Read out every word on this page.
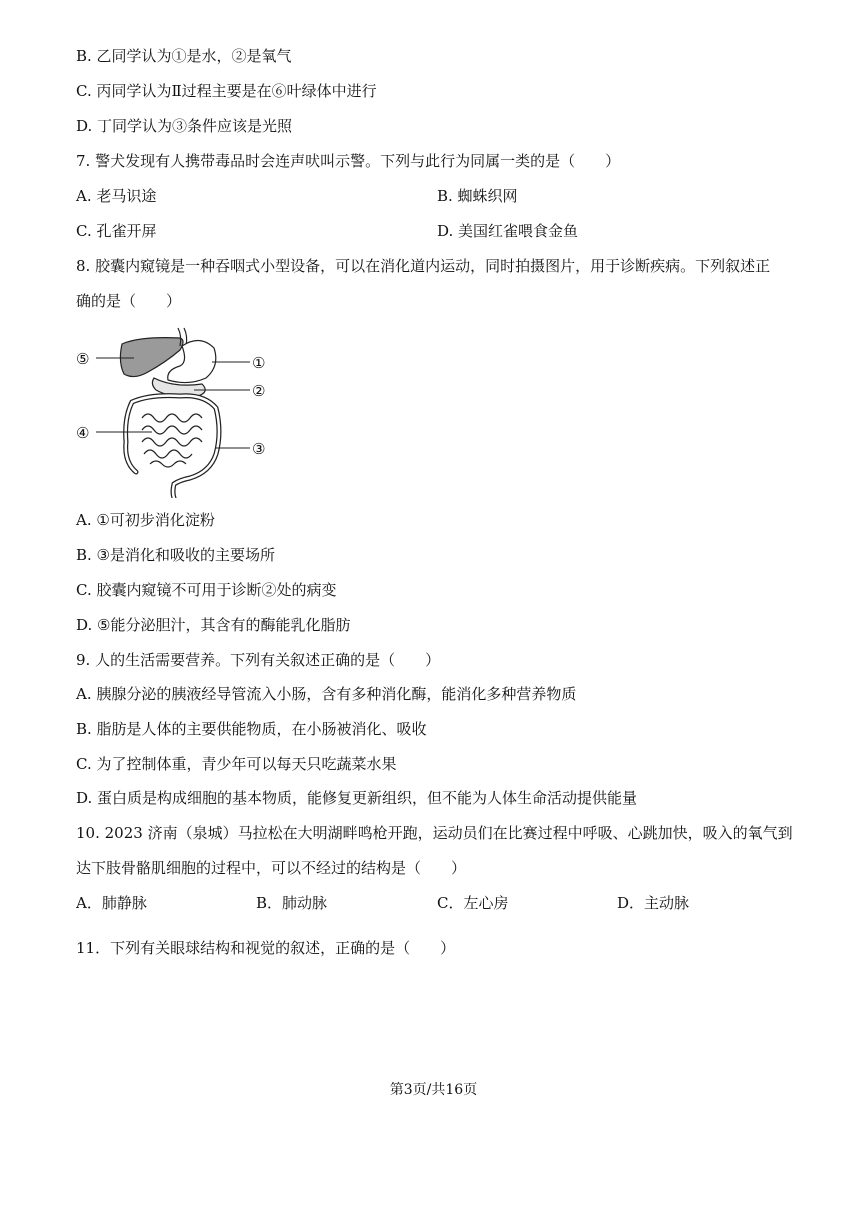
B. 乙同学认为①是水，②是氧气
C. 丙同学认为Ⅱ过程主要是在⑥叶绿体中进行
D. 丁同学认为③条件应该是光照
7. 警犬发现有人携带毒品时会连声吠叫示警。下列与此行为同属一类的是（　　）
A. 老马识途	B. 蜘蛛织网
C. 孔雀开屏	D. 美国红雀喂食金鱼
8. 胶囊内窥镜是一种吞咽式小型设备，可以在消化道内运动，同时拍摄图片，用于诊断疾病。下列叙述正
确的是（　　）
⑤	①
②
④
③
A. ①可初步消化淀粉
B. ③是消化和吸收的主要场所
C. 胶囊内窥镜不可用于诊断②处的病变
D. ⑤能分泌胆汁，其含有的酶能乳化脂肪
9. 人的生活需要营养。下列有关叙述正确的是（　　）
A. 胰腺分泌的胰液经导管流入小肠，含有多种消化酶，能消化多种营养物质
B. 脂肪是人体的主要供能物质，在小肠被消化、吸收
C. 为了控制体重，青少年可以每天只吃蔬菜水果
D. 蛋白质是构成细胞的基本物质，能修复更新组织，但不能为人体生命活动提供能量
10. 2023 济南（泉城）马拉松在大明湖畔鸣枪开跑，运动员们在比赛过程中呼吸、心跳加快，吸入的氧气到
达下肢骨骼肌细胞的过程中，可以不经过的结构是（　　）
A．肺静脉	B．肺动脉	C．左心房	D．主动脉
11．下列有关眼球结构和视觉的叙述，正确的是（　　）
第3页/共16页
